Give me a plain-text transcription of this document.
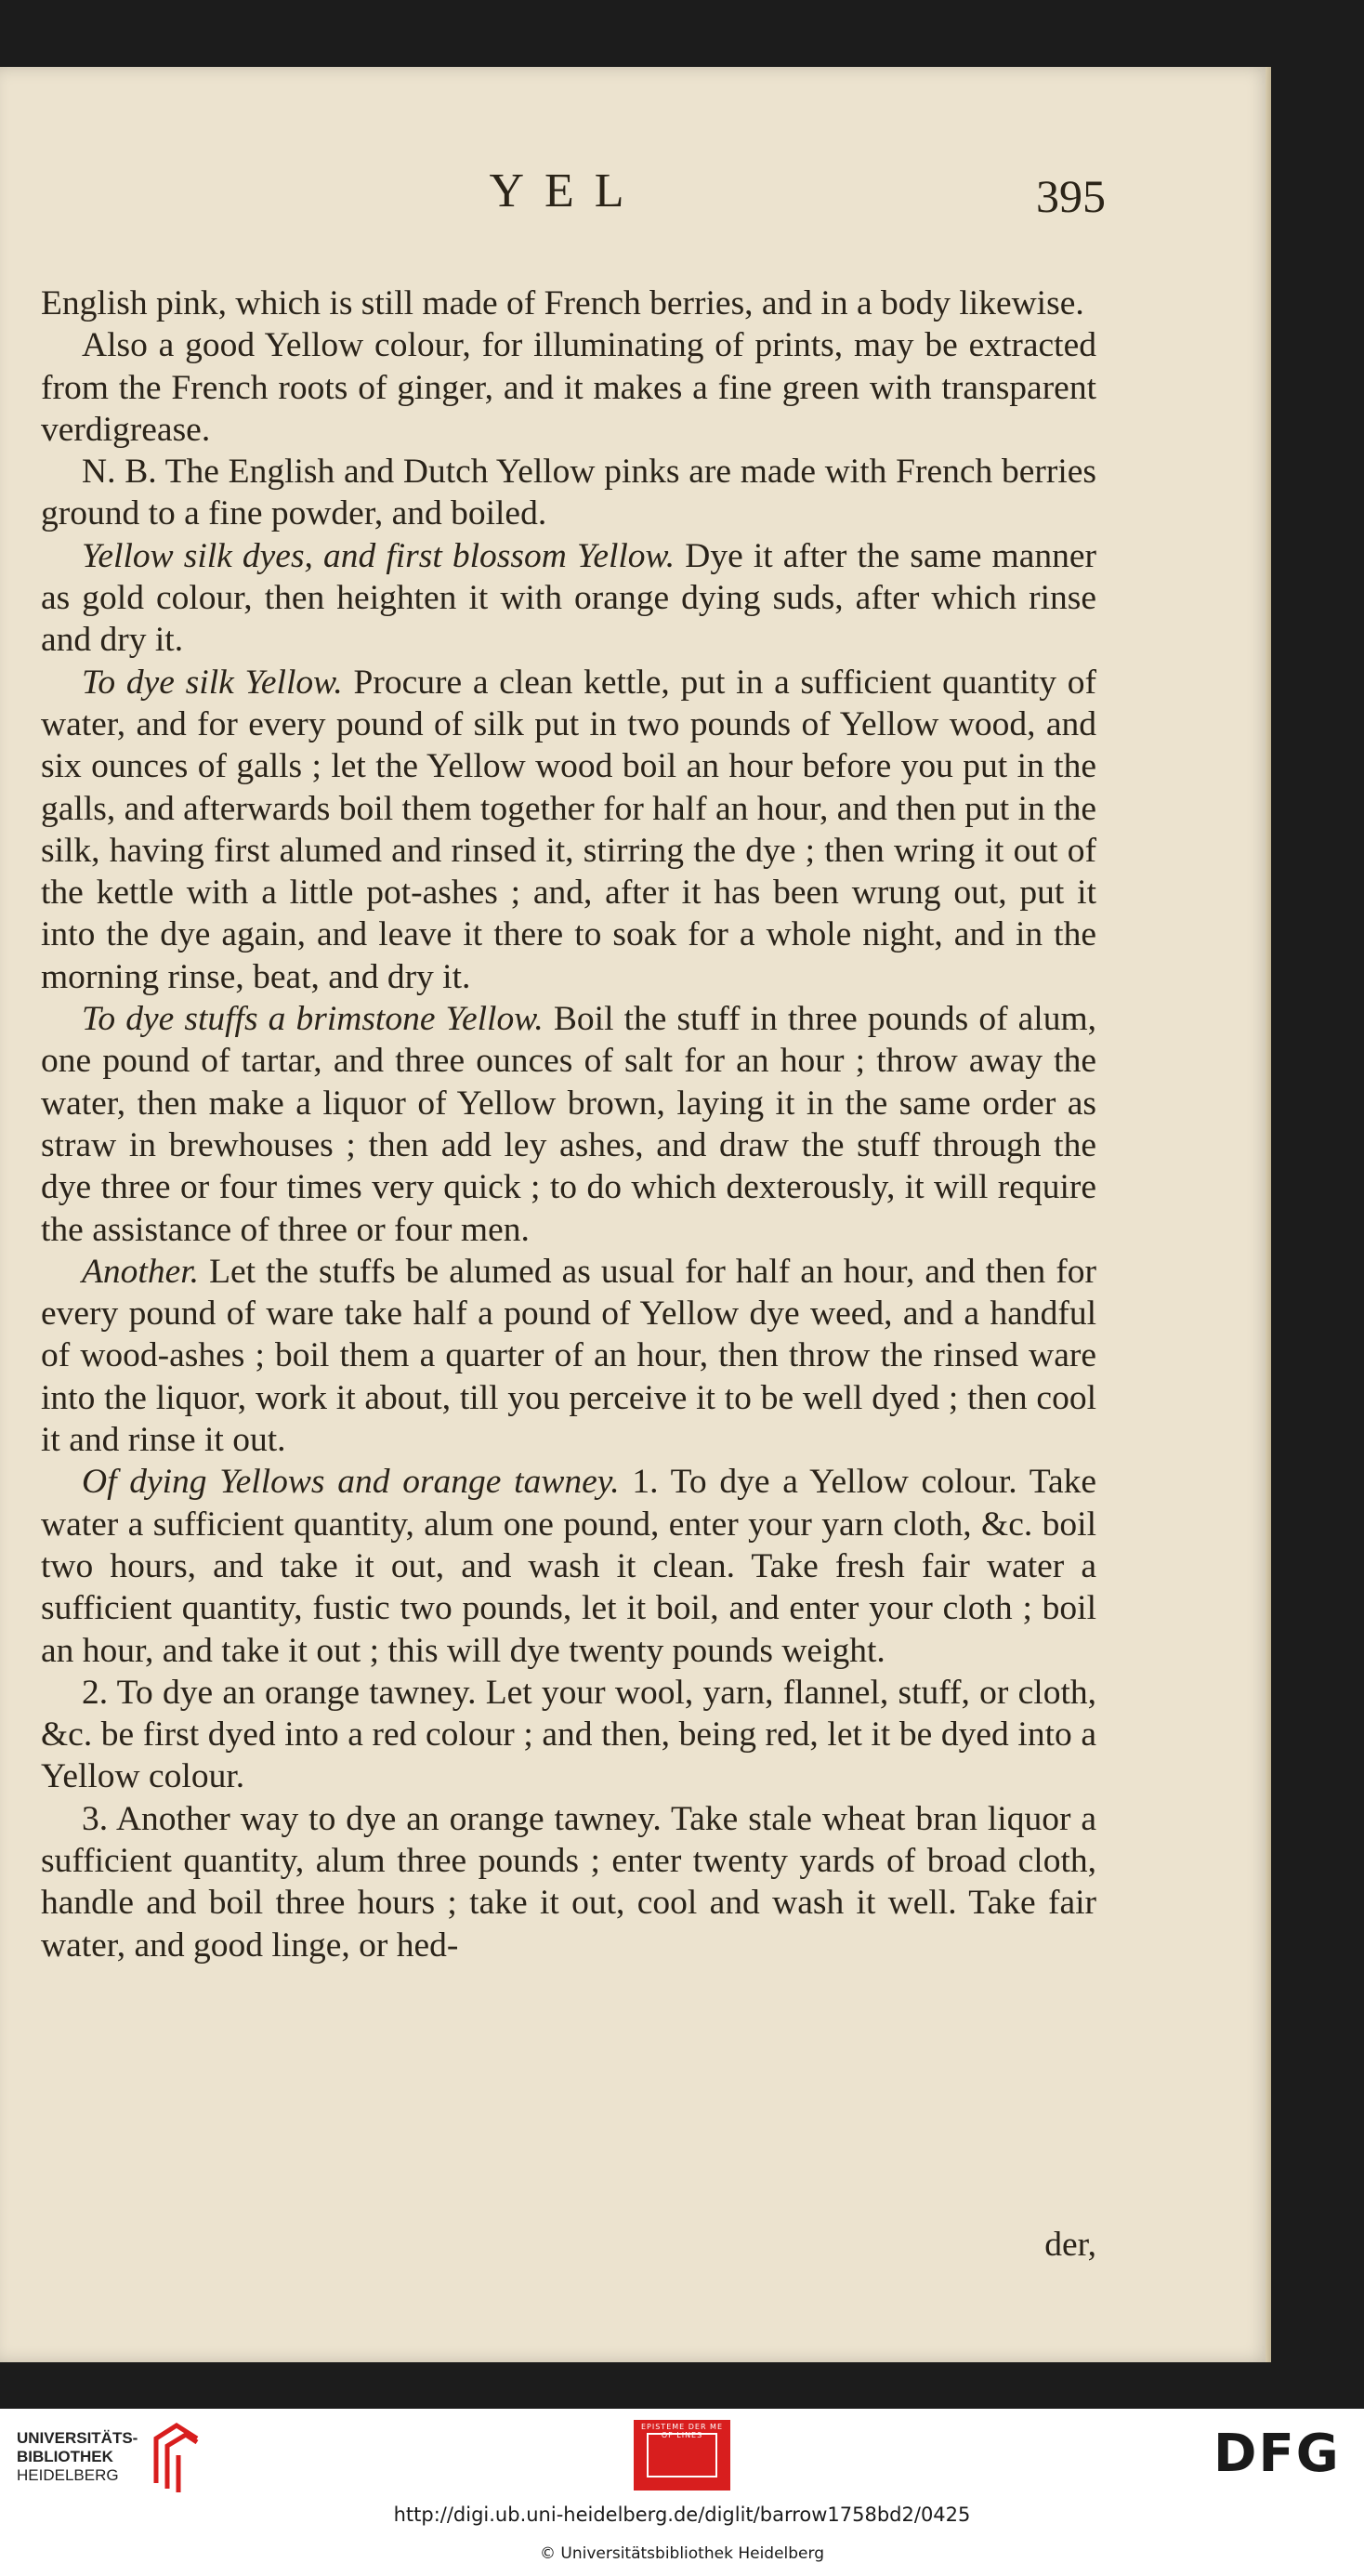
YEL	395

English pink, which is still made of French berries, and in a body likewise.

Also a good Yellow colour, for illuminating of prints, may be extracted from the French roots of ginger, and it makes a fine green with transparent verdigrease.

N. B. The English and Dutch Yellow pinks are made with French berries ground to a fine powder, and boiled.

Yellow silk dyes, and first blossom Yellow. Dye it after the same manner as gold colour, then heighten it with orange dying suds, after which rinse and dry it.

To dye silk Yellow. Procure a clean kettle, put in a sufficient quantity of water, and for every pound of silk put in two pounds of Yellow wood, and six ounces of galls ; let the Yellow wood boil an hour before you put in the galls, and afterwards boil them together for half an hour, and then put in the silk, having first alumed and rinsed it, stirring the dye ; then wring it out of the kettle with a little pot-ashes ; and, after it has been wrung out, put it into the dye again, and leave it there to soak for a whole night, and in the morning rinse, beat, and dry it.

To dye stuffs a brimstone Yellow. Boil the stuff in three pounds of alum, one pound of tartar, and three ounces of salt for an hour ; throw away the water, then make a liquor of Yellow brown, laying it in the same order as straw in brewhouses ; then add ley ashes, and draw the stuff through the dye three or four times very quick ; to do which dexterously, it will require the assistance of three or four men.

Another. Let the stuffs be alumed as usual for half an hour, and then for every pound of ware take half a pound of Yellow dye weed, and a handful of wood-ashes ; boil them a quarter of an hour, then throw the rinsed ware into the liquor, work it about, till you perceive it to be well dyed ; then cool it and rinse it out.

Of dying Yellows and orange tawney. 1. To dye a Yellow colour. Take water a sufficient quantity, alum one pound, enter your yarn cloth, &c. boil two hours, and take it out, and wash it clean. Take fresh fair water a sufficient quantity, fustic two pounds, let it boil, and enter your cloth ; boil an hour, and take it out ; this will dye twenty pounds weight.

2. To dye an orange tawney. Let your wool, yarn, flannel, stuff, or cloth, &c. be first dyed into a red colour ; and then, being red, let it be dyed into a Yellow colour.

3. Another way to dye an orange tawney. Take stale wheat bran liquor a sufficient quantity, alum three pounds ; enter twenty yards of broad cloth, handle and boil three hours ; take it out, cool and wash it well. Take fair water, and good linge, or hed-

der,
UNIVERSITÄTS-
BIBLIOTHEK
HEIDELBERG
EPISTEME DER ME OF LINES	DFG
http://digi.ub.uni-heidelberg.de/diglit/barrow1758bd2/0425
© Universitätsbibliothek Heidelberg
